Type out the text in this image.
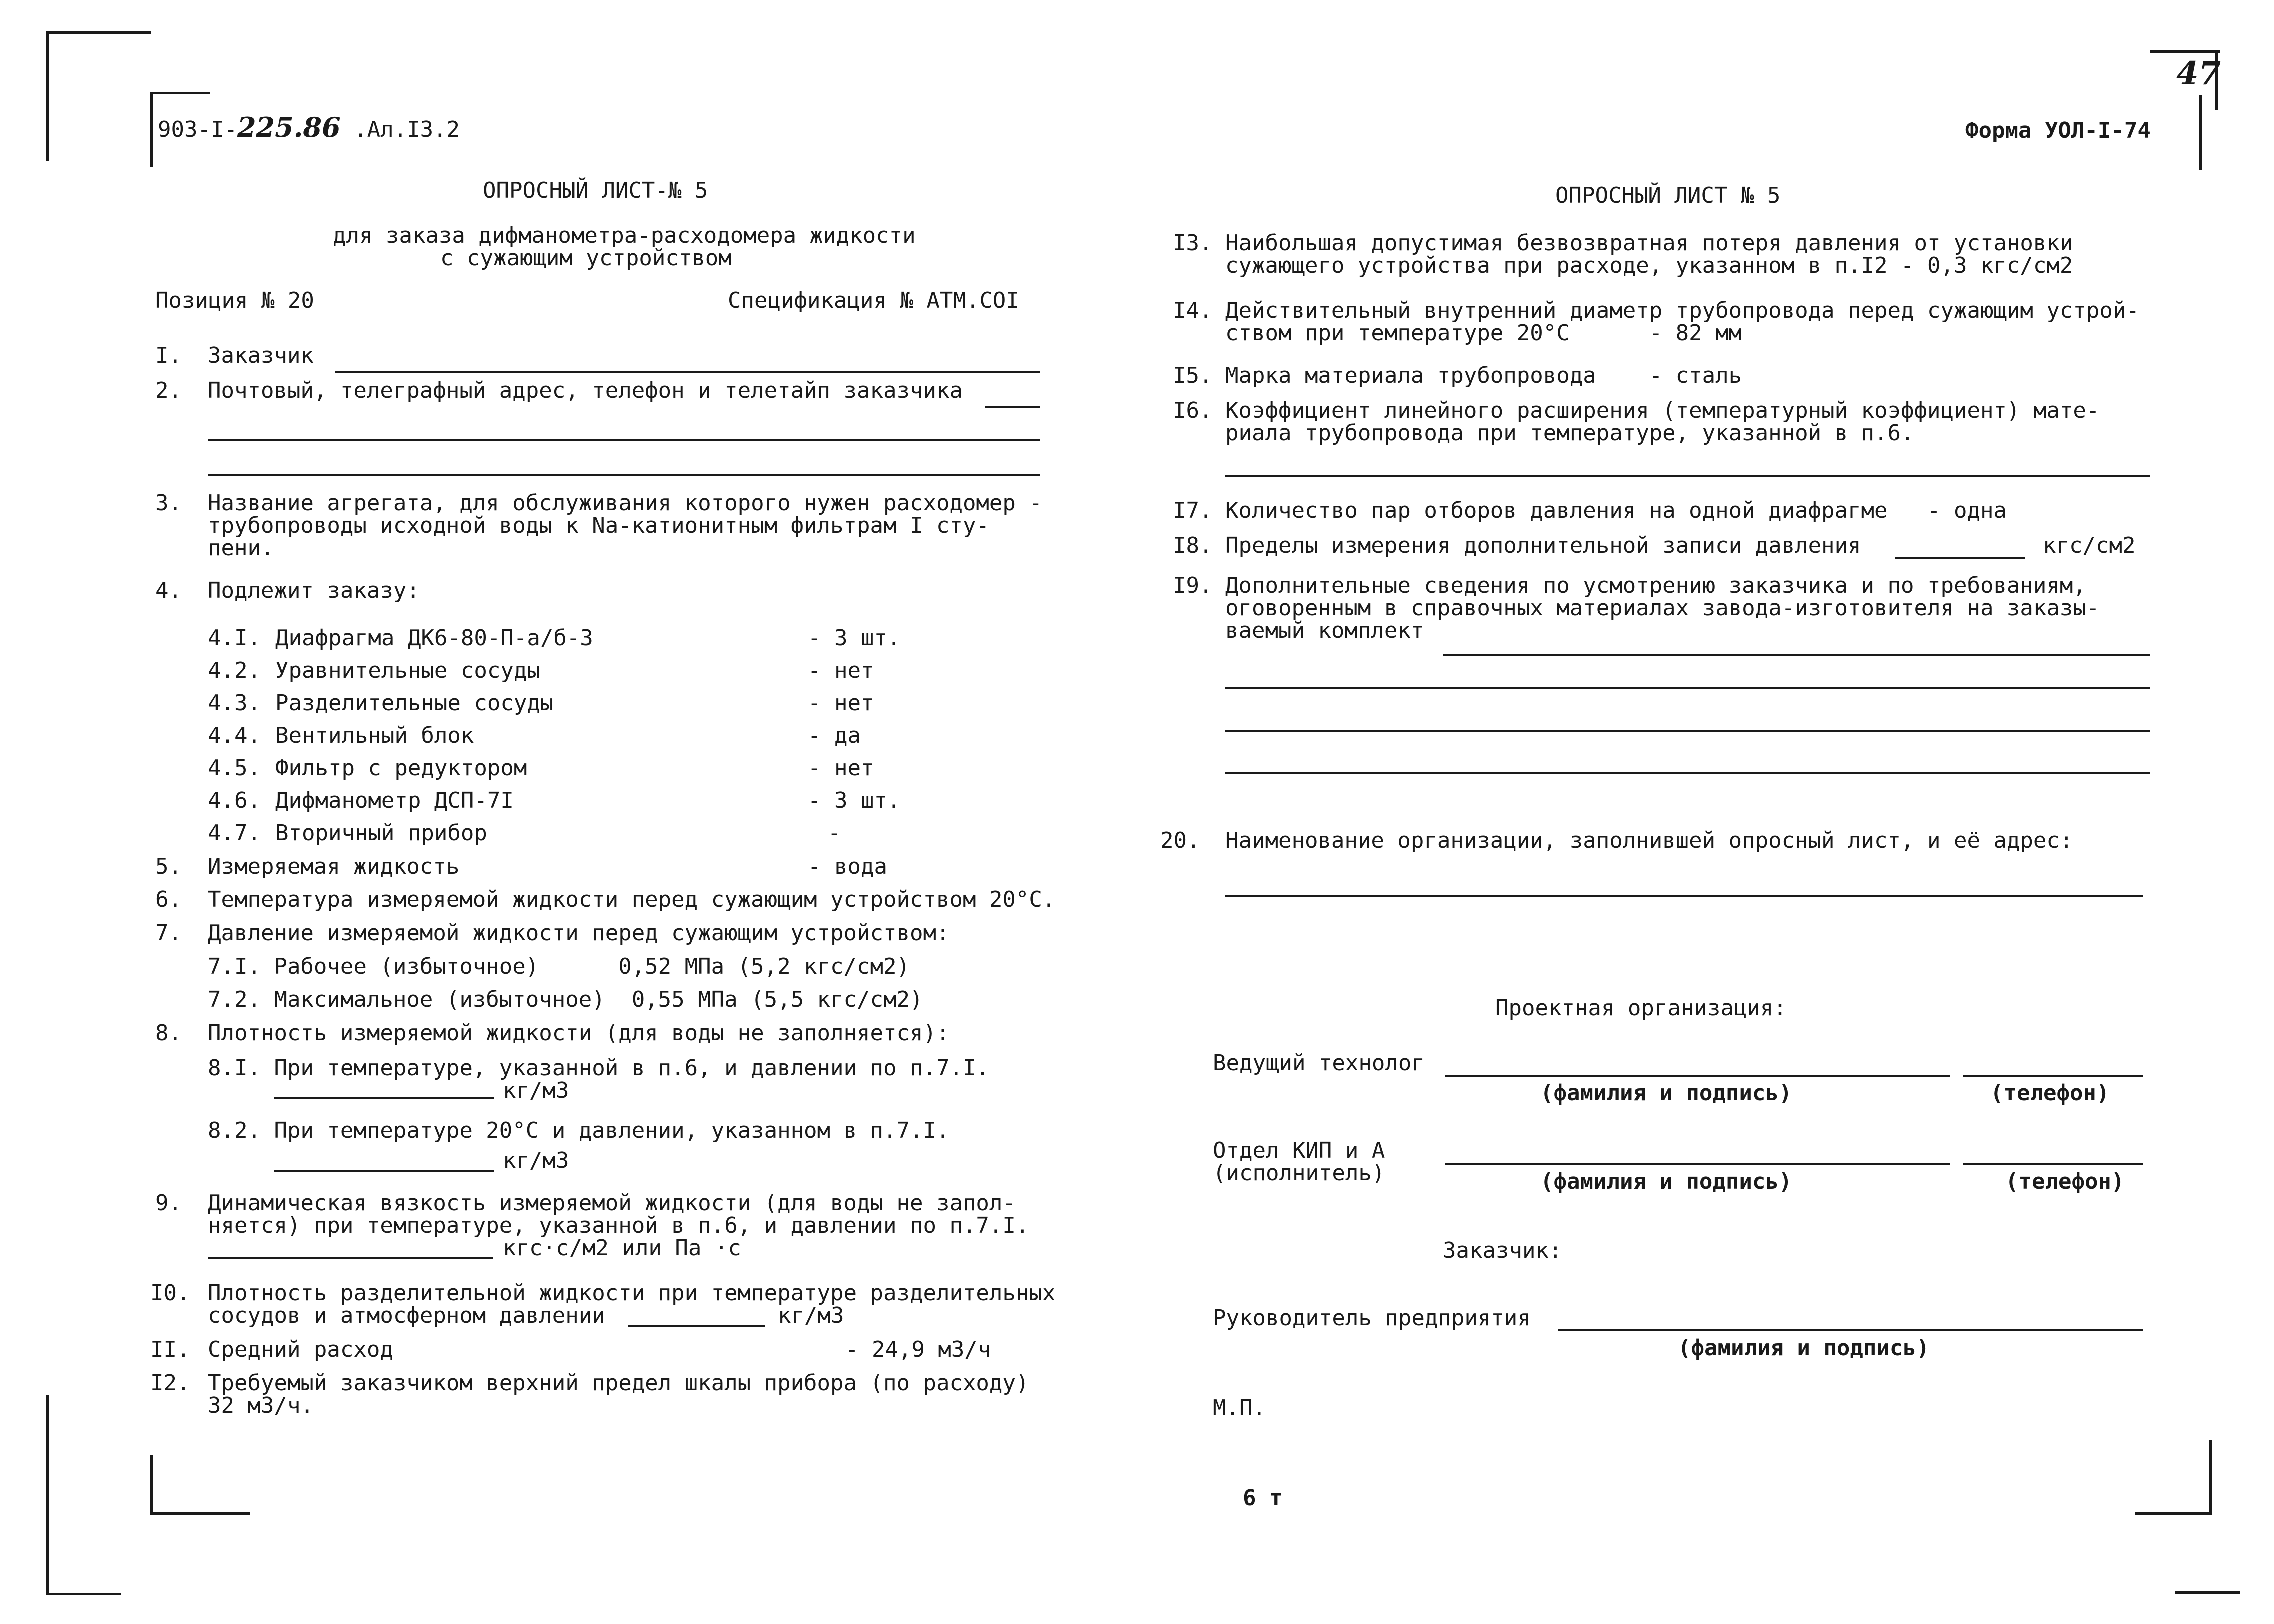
903-I-225.86 .Ал.I3.2
47
Форма УОЛ-I-74
ОПРОСНЫЙ ЛИСТ-№ 5
для заказа дифманометра-расходомера жидкости
с сужающим устройством
Позиция № 20	Спецификация № АТМ.COI
I. Заказчик
2. Почтовый, телеграфный адрес, телефон и телетайп заказчика
3. Название агрегата, для обслуживания которого нужен расходомер -
трубопроводы исходной воды к Na-катионитным фильтрам I сту-
пени.
4. Подлежит заказу:
4.I. Диафрагма ДК6-80-П-а/б-3	- 3 шт.
4.2. Уравнительные сосуды	- нет
4.3. Разделительные сосуды	- нет
4.4. Вентильный блок	- да
4.5. Фильтр с редуктором	- нет
4.6. Дифманометр ДСП-7I	- 3 шт.
4.7. Вторичный прибор	-
5. Измеряемая жидкость	- вода
6. Температура измеряемой жидкости перед сужающим устройством 20°С.
7. Давление измеряемой жидкости перед сужающим устройством:
7.I. Рабочее (избыточное)      0,52 МПа (5,2 кгс/см2)
7.2. Максимальное (избыточное)  0,55 МПа (5,5 кгс/см2)
8. Плотность измеряемой жидкости (для воды не заполняется):
8.I. При температуре, указанной в п.6, и давлении по п.7.I.
кг/м3
8.2. При температуре 20°С и давлении, указанном в п.7.I.
кг/м3
9. Динамическая вязкость измеряемой жидкости (для воды не запол-
няется) при температуре, указанной в п.6, и давлении по п.7.I.
кгс·с/м2 или Па ·с
I0. Плотность разделительной жидкости при температуре разделительных
сосудов и атмосферном давлении	кг/м3
II. Средний расход	- 24,9 м3/ч
I2. Требуемый заказчиком верхний предел шкалы прибора (по расходу)
32 м3/ч.
ОПРОСНЫЙ ЛИСТ № 5
I3. Наибольшая допустимая безвозвратная потеря давления от установки
сужающего устройства при расходе, указанном в п.I2 - 0,3 кгс/см2
I4. Действительный внутренний диаметр трубопровода перед сужающим устрой-
ством при температуре 20°С      - 82 мм
I5. Марка материала трубопровода    - сталь
I6. Коэффициент линейного расширения (температурный коэффициент) мате-
риала трубопровода при температуре, указанной в п.6.
I7. Количество пар отборов давления на одной диафрагме   - одна
I8. Пределы измерения дополнительной записи давления	кгс/см2
I9. Дополнительные сведения по усмотрению заказчика и по требованиям,
оговоренным в справочных материалах завода-изготовителя на заказы-
ваемый комплект
20. Наименование организации, заполнившей опросный лист, и её адрес:
Проектная организация:
Ведущий технолог
(фамилия и подпись)	(телефон)
Отдел КИП и А
(исполнитель)	(фамилия и подпись)	(телефон)
Заказчик:
Руководитель предприятия
(фамилия и подпись)
М.П.
6 т
